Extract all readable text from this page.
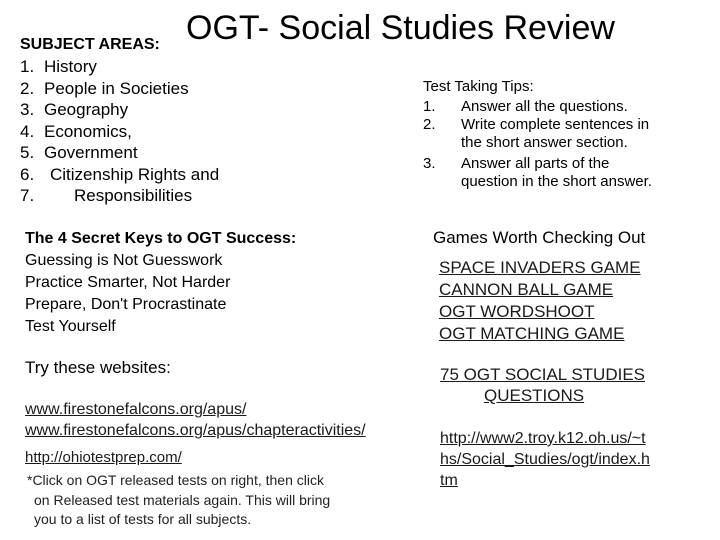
OGT- Social Studies Review
SUBJECT AREAS:
1. History
2. People in Societies
3. Geography
4. Economics,
5. Government
6. Citizenship Rights and
7.	Responsibilities
Test Taking Tips:
1.	Answer all the questions.
2.	Write complete sentences in
the short answer section.
3.	Answer all parts of the
question in the short answer.
The 4 Secret Keys to OGT Success:
Guessing is Not Guesswork
Practice Smarter, Not Harder
Prepare, Don't Procrastinate
Test Yourself
Games Worth Checking Out
SPACE INVADERS GAME
CANNON BALL GAME
OGT WORDSHOOT
OGT MATCHING GAME
Try these websites:
www.firestonefalcons.org/apus/
www.firestonefalcons.org/apus/chapteractivities/
http://ohiotestprep.com/
*Click on OGT released tests on right, then click
on Released test materials again. This will bring
you to a list of tests for all subjects.
75 OGT SOCIAL STUDIES
QUESTIONS
http://www2.troy.k12.oh.us/~t
hs/Social_Studies/ogt/index.h
tm
